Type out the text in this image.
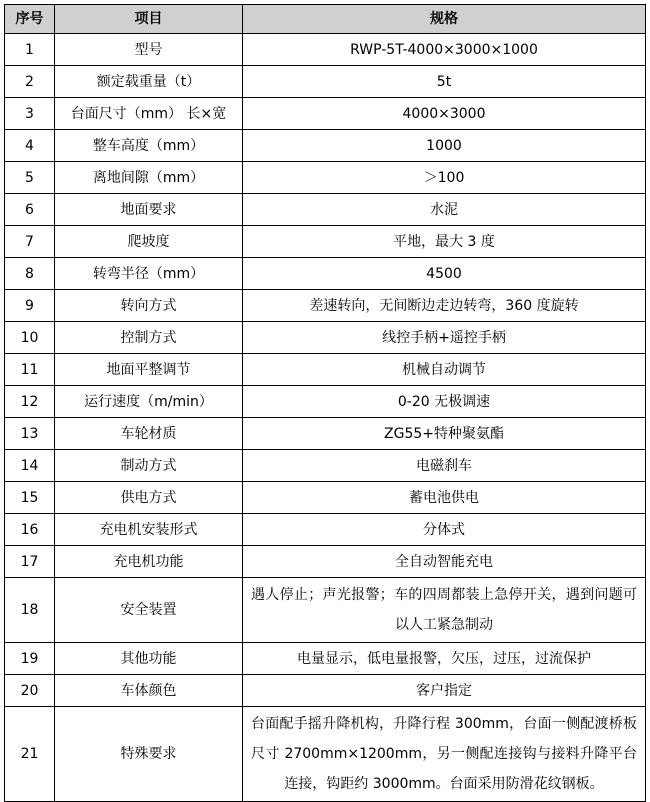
序号	项目	规格
1	型号	RWP-5T-4000×3000×1000
2	额定载重量（t）	5t
3	台面尺寸（mm） 长×宽	4000×3000
4	整车高度（mm）	1000
5	离地间隙（mm）	＞100
6	地面要求	水泥
7	爬坡度	平地，最大 3 度
8	转弯半径（mm）	4500
9	转向方式	差速转向，无间断边走边转弯，360 度旋转
10	控制方式	线控手柄+遥控手柄
11	地面平整调节	机械自动调节
12	运行速度（m/min）	0-20 无极调速
13	车轮材质	ZG55+特种聚氨酯
14	制动方式	电磁刹车
15	供电方式	蓄电池供电
16	充电机安装形式	分体式
17	充电机功能	全自动智能充电
18	安全装置	遇人停止；声光报警；车的四周都装上急停开关，遇到问题可以人工紧急制动
19	其他功能	电量显示，低电量报警，欠压，过压，过流保护
20	车体颜色	客户指定
21	特殊要求	台面配手摇升降机构，升降行程 300mm，台面一侧配渡桥板尺寸 2700mm×1200mm，另一侧配连接钩与接料升降平台连接，钩距约 3000mm。台面采用防滑花纹钢板。
